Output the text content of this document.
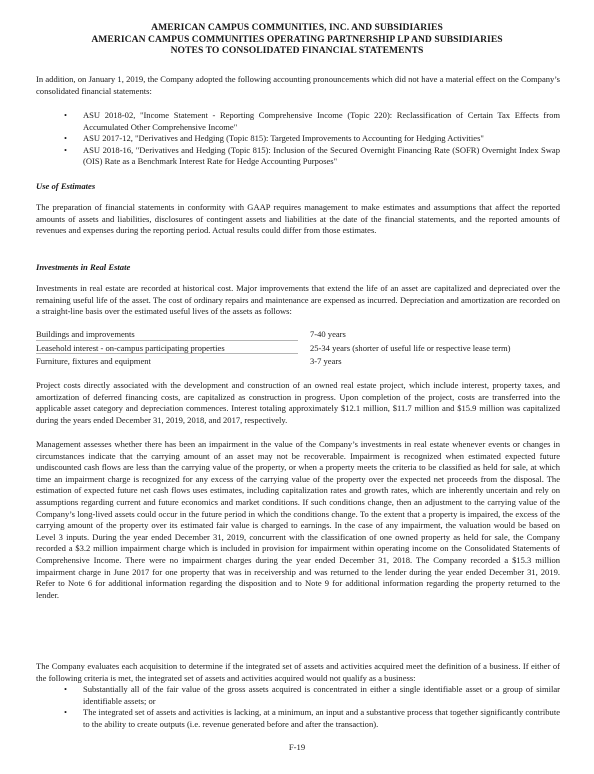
AMERICAN CAMPUS COMMUNITIES, INC. AND SUBSIDIARIES
AMERICAN CAMPUS COMMUNITIES OPERATING PARTNERSHIP LP AND SUBSIDIARIES
NOTES TO CONSOLIDATED FINANCIAL STATEMENTS

In addition, on January 1, 2019, the Company adopted the following accounting pronouncements which did not have a material effect on the Company’s consolidated financial statements:

• ASU 2018-02, "Income Statement - Reporting Comprehensive Income (Topic 220): Reclassification of Certain Tax Effects from Accumulated Other Comprehensive Income"
• ASU 2017-12, "Derivatives and Hedging (Topic 815): Targeted Improvements to Accounting for Hedging Activities"
• ASU 2018-16, "Derivatives and Hedging (Topic 815): Inclusion of the Secured Overnight Financing Rate (SOFR) Overnight Index Swap (OIS) Rate as a Benchmark Interest Rate for Hedge Accounting Purposes"
Use of Estimates

The preparation of financial statements in conformity with GAAP requires management to make estimates and assumptions that affect the reported amounts of assets and liabilities, disclosures of contingent assets and liabilities at the date of the financial statements, and the reported amounts of revenues and expenses during the reporting period. Actual results could differ from those estimates.

Investments in Real Estate

Investments in real estate are recorded at historical cost. Major improvements that extend the life of an asset are capitalized and depreciated over the remaining useful life of the asset. The cost of ordinary repairs and maintenance are expensed as incurred. Depreciation and amortization are recorded on a straight-line basis over the estimated useful lives of the assets as follows:

Buildings and improvements	7-40 years
Leasehold interest - on-campus participating properties	25-34 years (shorter of useful life or respective lease term)
Furniture, fixtures and equipment	3-7 years

Project costs directly associated with the development and construction of an owned real estate project, which include interest, property taxes, and amortization of deferred financing costs, are capitalized as construction in progress. Upon completion of the project, costs are transferred into the applicable asset category and depreciation commences. Interest totaling approximately $12.1 million, $11.7 million and $15.9 million was capitalized during the years ended December 31, 2019, 2018, and 2017, respectively.

Management assesses whether there has been an impairment in the value of the Company’s investments in real estate whenever events or changes in circumstances indicate that the carrying amount of an asset may not be recoverable. Impairment is recognized when estimated expected future undiscounted cash flows are less than the carrying value of the property, or when a property meets the criteria to be classified as held for sale, at which time an impairment charge is recognized for any excess of the carrying value of the property over the expected net proceeds from the disposal. The estimation of expected future net cash flows uses estimates, including capitalization rates and growth rates, which are inherently uncertain and rely on assumptions regarding current and future economics and market conditions. If such conditions change, then an adjustment to the carrying value of the Company’s long-lived assets could occur in the future period in which the conditions change. To the extent that a property is impaired, the excess of the carrying amount of the property over its estimated fair value is charged to earnings. In the case of any impairment, the valuation would be based on Level 3 inputs. During the year ended December 31, 2019, concurrent with the classification of one owned property as held for sale, the Company recorded a $3.2 million impairment charge which is included in provision for impairment within operating income on the Consolidated Statements of Comprehensive Income. There were no impairment charges during the year ended December 31, 2018. The Company recorded a $15.3 million impairment charge in June 2017 for one property that was in receivership and was returned to the lender during the year ended December 31, 2019. Refer to Note 6 for additional information regarding the disposition and to Note 9 for additional information regarding the property returned to the lender.

The Company evaluates each acquisition to determine if the integrated set of assets and activities acquired meet the definition of a business. If either of the following criteria is met, the integrated set of assets and activities acquired would not qualify as a business:

• Substantially all of the fair value of the gross assets acquired is concentrated in either a single identifiable asset or a group of similar identifiable assets; or
• The integrated set of assets and activities is lacking, at a minimum, an input and a substantive process that together significantly contribute to the ability to create outputs (i.e. revenue generated before and after the transaction).
F-19
